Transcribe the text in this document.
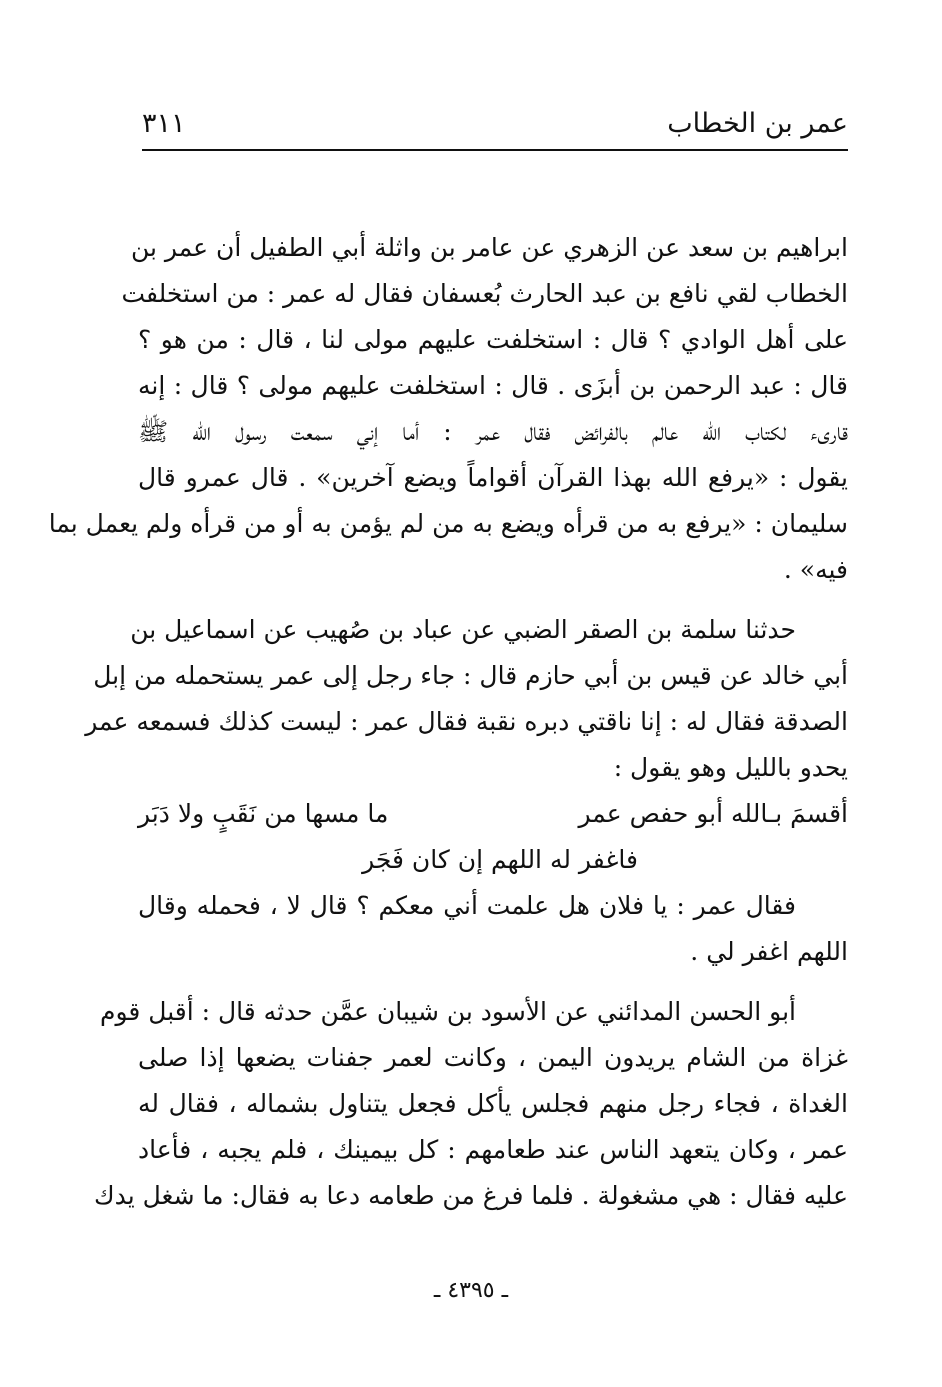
عمر بن الخطاب
٣١١
ابراهيم بن سعد عن الزهري عن عامر بن واثلة أبي الطفيل أن عمر بن
الخطاب لقي نافع بن عبد الحارث بُعسفان فقال له عمر : من استخلفت
على أهل الوادي ؟ قال : استخلفت عليهم مولى لنا ، قال : من هو ؟
قال : عبد الرحمن بن أبزَى . قال : استخلفت عليهم مولى ؟ قال : إنه
قارىء لكتاب الله عالم بالفرائض فقال عمر : أما إني سمعت رسول الله ﷺ
يقول : «يرفع الله بهذا القرآن أقواماً ويضع آخرين» . قال عمرو قال
سليمان : «يرفع به من قرأه ويضع به من لم يؤمن به أو من قرأه ولم يعمل بما
فيه» .
حدثنا سلمة بن الصقر الضبي عن عباد بن صُهيب عن اسماعيل بن
أبي خالد عن قيس بن أبي حازم قال : جاء رجل إلى عمر يستحمله من إبل
الصدقة فقال له : إنا ناقتي دبره نقبة فقال عمر : ليست كذلك فسمعه عمر
يحدو بالليل وهو يقول :
أقسمَ بـالله أبو حفص عمر
ما مسها من نَقَبٍ ولا دَبَر
فاغفر له اللهم إن كان فَجَر
فقال عمر : يا فلان هل علمت أني معكم ؟ قال لا ، فحمله وقال
اللهم اغفر لي .
أبو الحسن المدائني عن الأسود بن شيبان عمَّن حدثه قال : أقبل قوم
غزاة من الشام يريدون اليمن ، وكانت لعمر جفنات يضعها إذا صلى
الغداة ، فجاء رجل منهم فجلس يأكل فجعل يتناول بشماله ، فقال له
عمر ، وكان يتعهد الناس عند طعامهم : كل بيمينك ، فلم يجبه ، فأعاد
عليه فقال : هي مشغولة . فلما فرغ من طعامه دعا به فقال: ما شغل يدك
ـ ٤٣٩٥ ـ
